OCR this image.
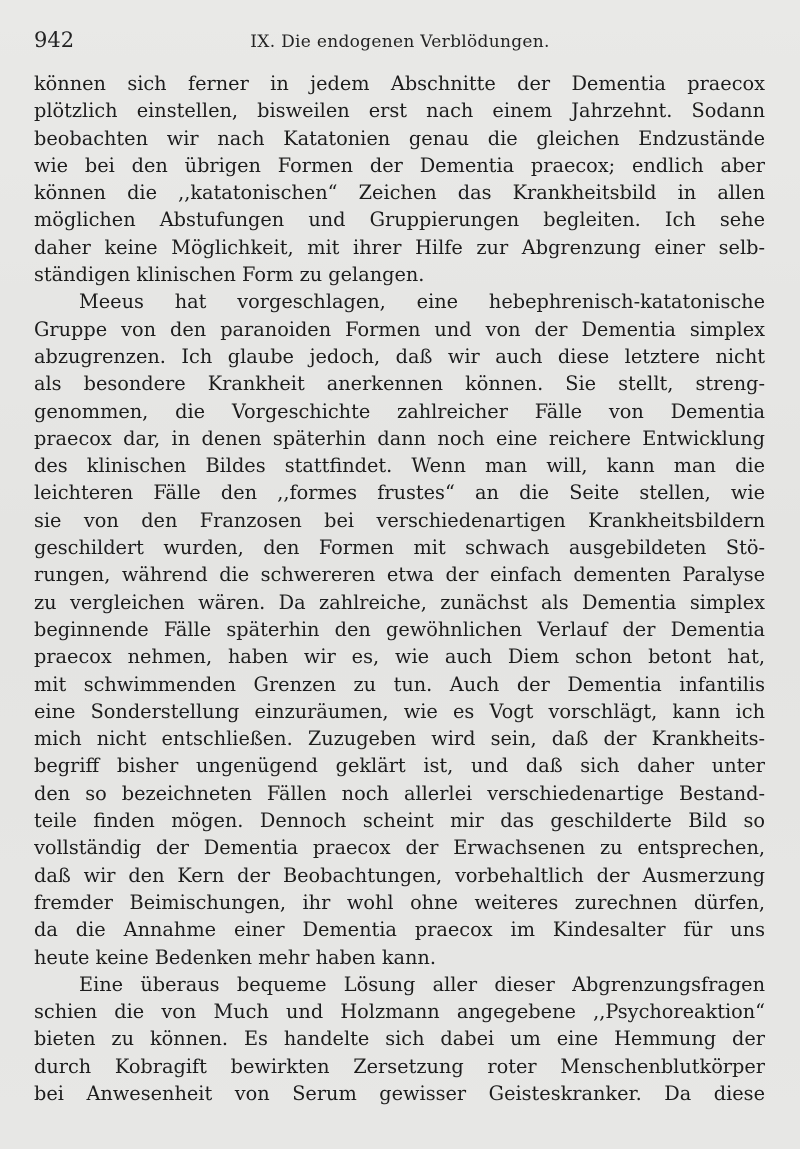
942	IX. Die endogenen Verblödungen.
können sich ferner in jedem Abschnitte der Dementia praecox
plötzlich einstellen, bisweilen erst nach einem Jahrzehnt. Sodann
beobachten wir nach Katatonien genau die gleichen Endzustände
wie bei den übrigen Formen der Dementia praecox; endlich aber
können die ,,katatonischen“ Zeichen das Krankheitsbild in allen
möglichen Abstufungen und Gruppierungen begleiten. Ich sehe
daher keine Möglichkeit, mit ihrer Hilfe zur Abgrenzung einer selb-
ständigen klinischen Form zu gelangen.
Meeus hat vorgeschlagen, eine hebephrenisch-katatonische
Gruppe von den paranoiden Formen und von der Dementia simplex
abzugrenzen. Ich glaube jedoch, daß wir auch diese letztere nicht
als besondere Krankheit anerkennen können. Sie stellt, streng-
genommen, die Vorgeschichte zahlreicher Fälle von Dementia
praecox dar, in denen späterhin dann noch eine reichere Entwicklung
des klinischen Bildes stattfindet. Wenn man will, kann man die
leichteren Fälle den ,,formes frustes“ an die Seite stellen, wie
sie von den Franzosen bei verschiedenartigen Krankheitsbildern
geschildert wurden, den Formen mit schwach ausgebildeten Stö-
rungen, während die schwereren etwa der einfach dementen Paralyse
zu vergleichen wären. Da zahlreiche, zunächst als Dementia simplex
beginnende Fälle späterhin den gewöhnlichen Verlauf der Dementia
praecox nehmen, haben wir es, wie auch Diem schon betont hat,
mit schwimmenden Grenzen zu tun. Auch der Dementia infantilis
eine Sonderstellung einzuräumen, wie es Vogt vorschlägt, kann ich
mich nicht entschließen. Zuzugeben wird sein, daß der Krankheits-
begriff bisher ungenügend geklärt ist, und daß sich daher unter
den so bezeichneten Fällen noch allerlei verschiedenartige Bestand-
teile finden mögen. Dennoch scheint mir das geschilderte Bild so
vollständig der Dementia praecox der Erwachsenen zu entsprechen,
daß wir den Kern der Beobachtungen, vorbehaltlich der Ausmerzung
fremder Beimischungen, ihr wohl ohne weiteres zurechnen dürfen,
da die Annahme einer Dementia praecox im Kindesalter für uns
heute keine Bedenken mehr haben kann.
Eine überaus bequeme Lösung aller dieser Abgrenzungsfragen
schien die von Much und Holzmann angegebene ,,Psychoreaktion“
bieten zu können. Es handelte sich dabei um eine Hemmung der
durch Kobragift bewirkten Zersetzung roter Menschenblutkörper
bei Anwesenheit von Serum gewisser Geisteskranker. Da diese
